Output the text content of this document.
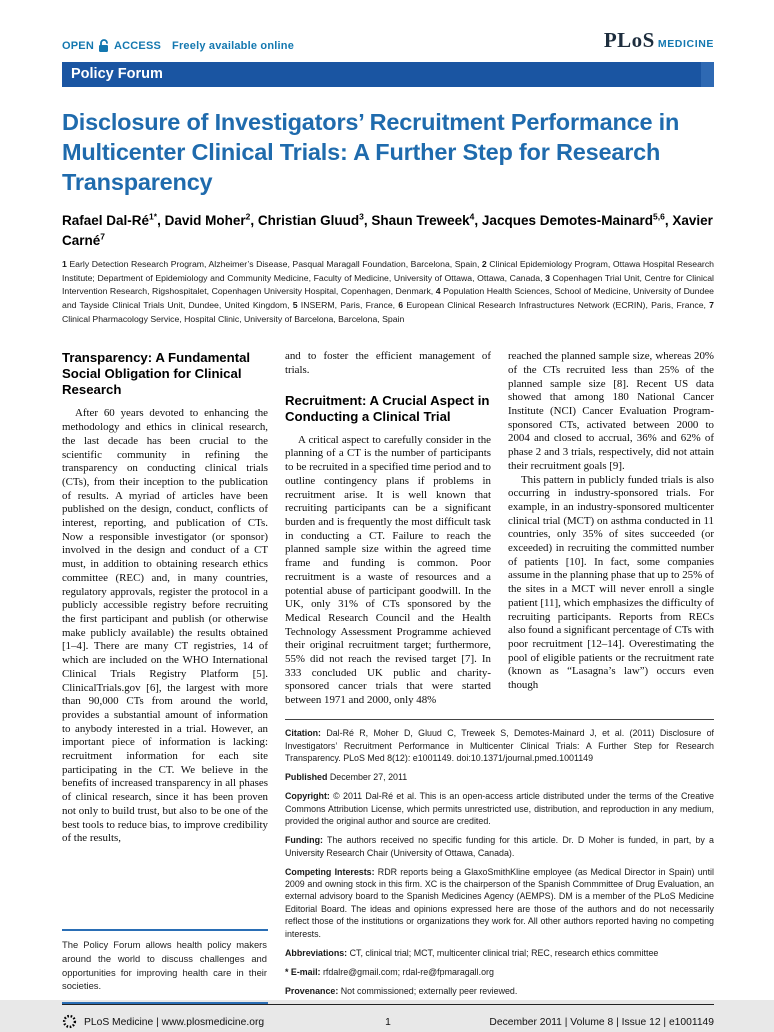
OPEN ACCESS Freely available online	PLoS MEDICINE
Policy Forum
Disclosure of Investigators’ Recruitment Performance in Multicenter Clinical Trials: A Further Step for Research Transparency
Rafael Dal-$Ré^{1*}$, David Moher$^2$, Christian Gluud$^3$, Shaun Treweek$^4$, Jacques Demotes-Mainard$^{5,6}$, Xavier Carné$^7$
1 Early Detection Research Program, Alzheimer’s Disease, Pasqual Maragall Foundation, Barcelona, Spain, 2 Clinical Epidemiology Program, Ottawa Hospital Research Institute; Department of Epidemiology and Community Medicine, Faculty of Medicine, University of Ottawa, Ottawa, Canada, 3 Copenhagen Trial Unit, Centre for Clinical Intervention Research, Rigshospitalet, Copenhagen University Hospital, Copenhagen, Denmark, 4 Population Health Sciences, School of Medicine, University of Dundee and Tayside Clinical Trials Unit, Dundee, United Kingdom, 5 INSERM, Paris, France, 6 European Clinical Research Infrastructures Network (ECRIN), Paris, France, 7 Clinical Pharmacology Service, Hospital Clinic, University of Barcelona, Barcelona, Spain
Transparency: A Fundamental Social Obligation for Clinical Research

After 60 years devoted to enhancing the methodology and ethics in clinical research, the last decade has been crucial to the scientific community in refining the transparency on conducting clinical trials (CTs), from their inception to the publication of results. A myriad of articles have been published on the design, conduct, conflicts of interest, reporting, and publication of CTs. Now a responsible investigator (or sponsor) involved in the design and conduct of a CT must, in addition to obtaining research ethics committee (REC) and, in many countries, regulatory approvals, register the protocol in a publicly accessible registry before recruiting the first participant and publish (or otherwise make publicly available) the results obtained [1–4]. There are many CT registries, 14 of which are included on the WHO International Clinical Trials Registry Platform [5]. ClinicalTrials.gov [6], the largest with more than 90,000 CTs from around the world, provides a substantial amount of information to anybody interested in a trial. However, an important piece of information is lacking: recruitment information for each site participating in the CT. We believe in the benefits of increased transparency in all phases of clinical research, since it has been proven not only to build trust, but also to be one of the best tools to reduce bias, to improve credibility of the results,

The Policy Forum allows health policy makers around the world to discuss challenges and opportunities for improving health care in their societies.

and to foster the efficient management of trials.

Recruitment: A Crucial Aspect in Conducting a Clinical Trial

A critical aspect to carefully consider in the planning of a CT is the number of participants to be recruited in a specified time period and to outline contingency plans if problems in recruitment arise. It is well known that recruiting participants can be a significant burden and is frequently the most difficult task in conducting a CT. Failure to reach the planned sample size within the agreed time frame and funding is common. Poor recruitment is a waste of resources and a potential abuse of participant goodwill. In the UK, only 31% of CTs sponsored by the Medical Research Council and the Health Technology Assessment Programme achieved their original recruitment target; furthermore, 55% did not reach the revised target [7]. In 333 concluded UK public and charity-sponsored cancer trials that were started between 1971 and 2000, only 48%

reached the planned sample size, whereas 20% of the CTs recruited less than 25% of the planned sample size [8]. Recent US data showed that among 180 National Cancer Institute (NCI) Cancer Evaluation Program-sponsored CTs, activated between 2000 to 2004 and closed to accrual, 36% and 62% of phase 2 and 3 trials, respectively, did not attain their recruitment goals [9].

This pattern in publicly funded trials is also occurring in industry-sponsored trials. For example, in an industry-sponsored multicenter clinical trial (MCT) on asthma conducted in 11 countries, only 35% of sites succeeded (or exceeded) in recruiting the committed number of patients [10]. In fact, some companies assume in the planning phase that up to 25% of the sites in a MCT will never enroll a single patient [11], which emphasizes the difficulty of recruiting participants. Reports from RECs also found a significant percentage of CTs with poor recruitment [12–14]. Overestimating the pool of eligible patients or the recruitment rate (known as “Lasagna’s law”) occurs even though

Citation: Dal-Ré R, Moher D, Gluud C, Treweek S, Demotes-Mainard J, et al. (2011) Disclosure of Investigators’ Recruitment Performance in Multicenter Clinical Trials: A Further Step for Research Transparency. PLoS Med 8(12): e1001149. doi:10.1371/journal.pmed.1001149

Published December 27, 2011

Copyright: © 2011 Dal-Ré et al. This is an open-access article distributed under the terms of the Creative Commons Attribution License, which permits unrestricted use, distribution, and reproduction in any medium, provided the original author and source are credited.

Funding: The authors received no specific funding for this article. Dr. D Moher is funded, in part, by a University Research Chair (University of Ottawa, Canada).

Competing Interests: RDR reports being a GlaxoSmithKline employee (as Medical Director in Spain) until 2009 and owning stock in this firm. XC is the chairperson of the Spanish Commmittee of Drug Evaluation, an external advisory board to the Spanish Medicines Agency (AEMPS). DM is a member of the PLoS Medicine Editorial Board. The ideas and opinions expressed here are those of the authors and do not necessarily reflect those of the institutions or organizations they work for. All other authors reported having no competing interests.

Abbreviations: CT, clinical trial; MCT, multicenter clinical trial; REC, research ethics committee

* E-mail: rfdalre@gmail.com; rdal-re@fpmaragall.org

Provenance: Not commissioned; externally peer reviewed.

PLoS Medicine | www.plosmedicine.org	1	December 2011 | Volume 8 | Issue 12 | e1001149
